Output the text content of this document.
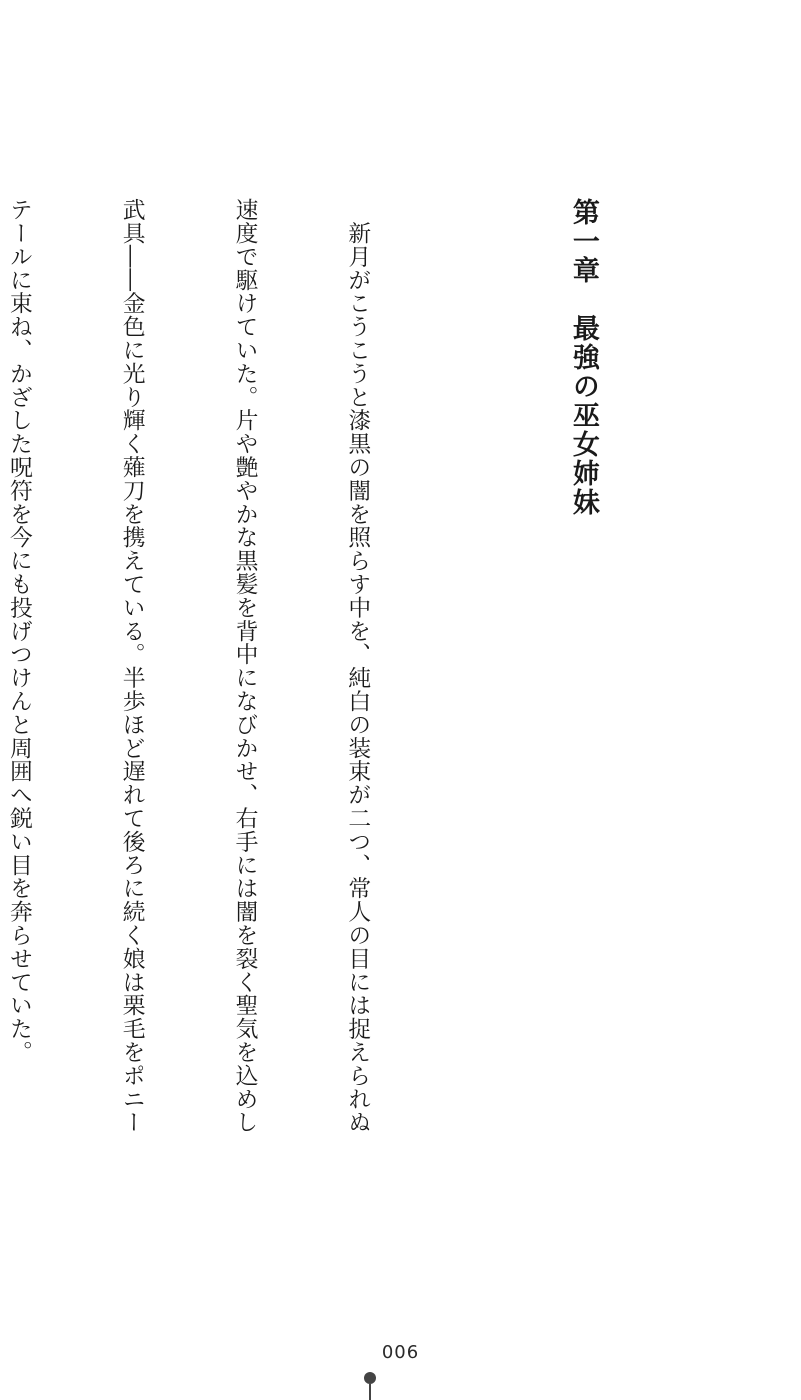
第一章　最強の巫女姉妹

　新月がこうこうと漆黒の闇を照らす中を、純白の装束が二つ、常人の目には捉えられぬ

速度で駆けていた。片や艶やかな黒髪を背中になびかせ、右手には闇を裂く聖気を込めし

武具――金色に光り輝く薙刀を携えている。半歩ほど遅れて後ろに続く娘は栗毛をポニー

テールに束ね、かざした呪符を今にも投げつけんと周囲へ鋭い目を奔らせていた。

006
